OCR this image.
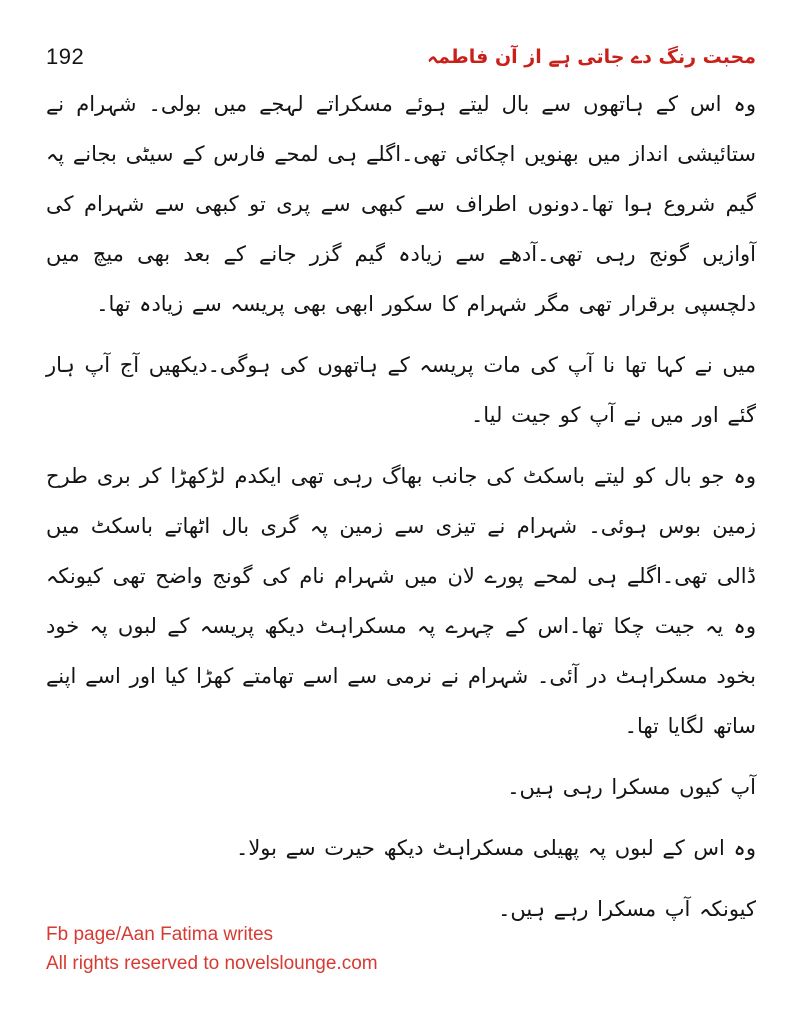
192	محبت رنگ دے جاتی ہے از آن فاطمہ

وہ اس کے ہاتھوں سے بال لیتے ہوئے مسکراتے لہجے میں بولی۔ شہرام نے ستائیشی انداز میں بھنویں اچکائی تھی۔اگلے ہی لمحے فارس کے سیٹی بجانے پہ گیم شروع ہوا تھا۔دونوں اطراف سے کبھی سے پری تو کبھی سے شہرام کی آوازیں گونج رہی تھی۔آدھے سے زیادہ گیم گزر جانے کے بعد بھی میچ میں دلچسپی برقرار تھی مگر شہرام کا سکور ابھی بھی پریسہ سے زیادہ تھا۔

میں نے کہا تھا نا آپ کی مات پریسہ کے ہاتھوں کی ہوگی۔دیکھیں آج آپ ہار گئے اور میں نے آپ کو جیت لیا۔

وہ جو بال کو لیتے باسکٹ کی جانب بھاگ رہی تھی ایکدم لڑکھڑا کر بری طرح زمین بوس ہوئی۔ شہرام نے تیزی سے زمین پہ گری بال اٹھاتے باسکٹ میں ڈالی تھی۔اگلے ہی لمحے پورے لان میں شہرام نام کی گونج واضح تھی کیونکہ وہ یہ جیت چکا تھا۔اس کے چہرے پہ مسکراہٹ دیکھ پریسہ کے لبوں پہ خود بخود مسکراہٹ در آئی۔ شہرام نے نرمی سے اسے تھامتے کھڑا کیا اور اسے اپنے ساتھ لگایا تھا۔

آپ کیوں مسکرا رہی ہیں۔

وہ اس کے لبوں پہ پھیلی مسکراہٹ دیکھ حیرت سے بولا۔

کیونکہ آپ مسکرا رہے ہیں۔

Fb page/Aan Fatima writes
All rights reserved to novelslounge.com
